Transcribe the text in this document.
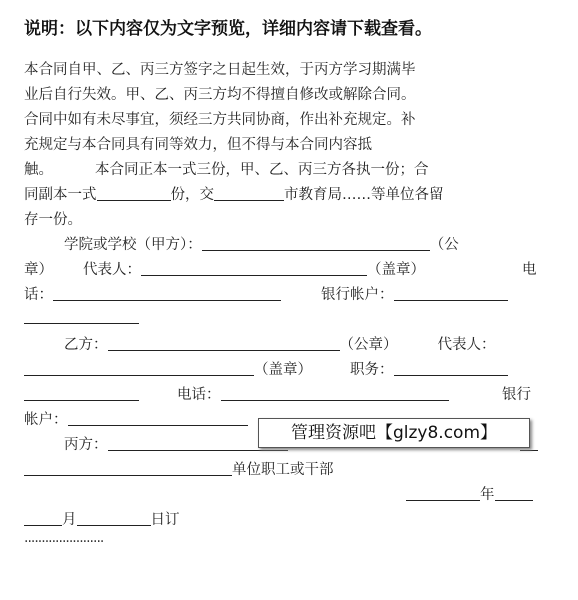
说明：以下内容仅为文字预览，详细内容请下载查看。
本合同自甲、乙、丙三方签字之日起生效，于丙方学习期满毕
业后自行失效。甲、乙、丙三方均不得擅自修改或解除合同。
合同中如有未尽事宜，须经三方共同协商，作出补充规定。补
充规定与本合同具有同等效力，但不得与本合同内容抵
触。	本合同正本一式三份，甲、乙、丙三方各执一份；合
同副本一式	份，交	市教育局……等单位各留
存一份。
学院或学校（甲方）：	（公
章） 代表人：	（盖章）	电
话：	银行帐户：
乙方：	（公章）	代表人：
（盖章）	职务：
电话：	银行
帐户：
丙方：
单位职工或干部
年
月	日订
·······················
管理资源吧【glzy8.com】
